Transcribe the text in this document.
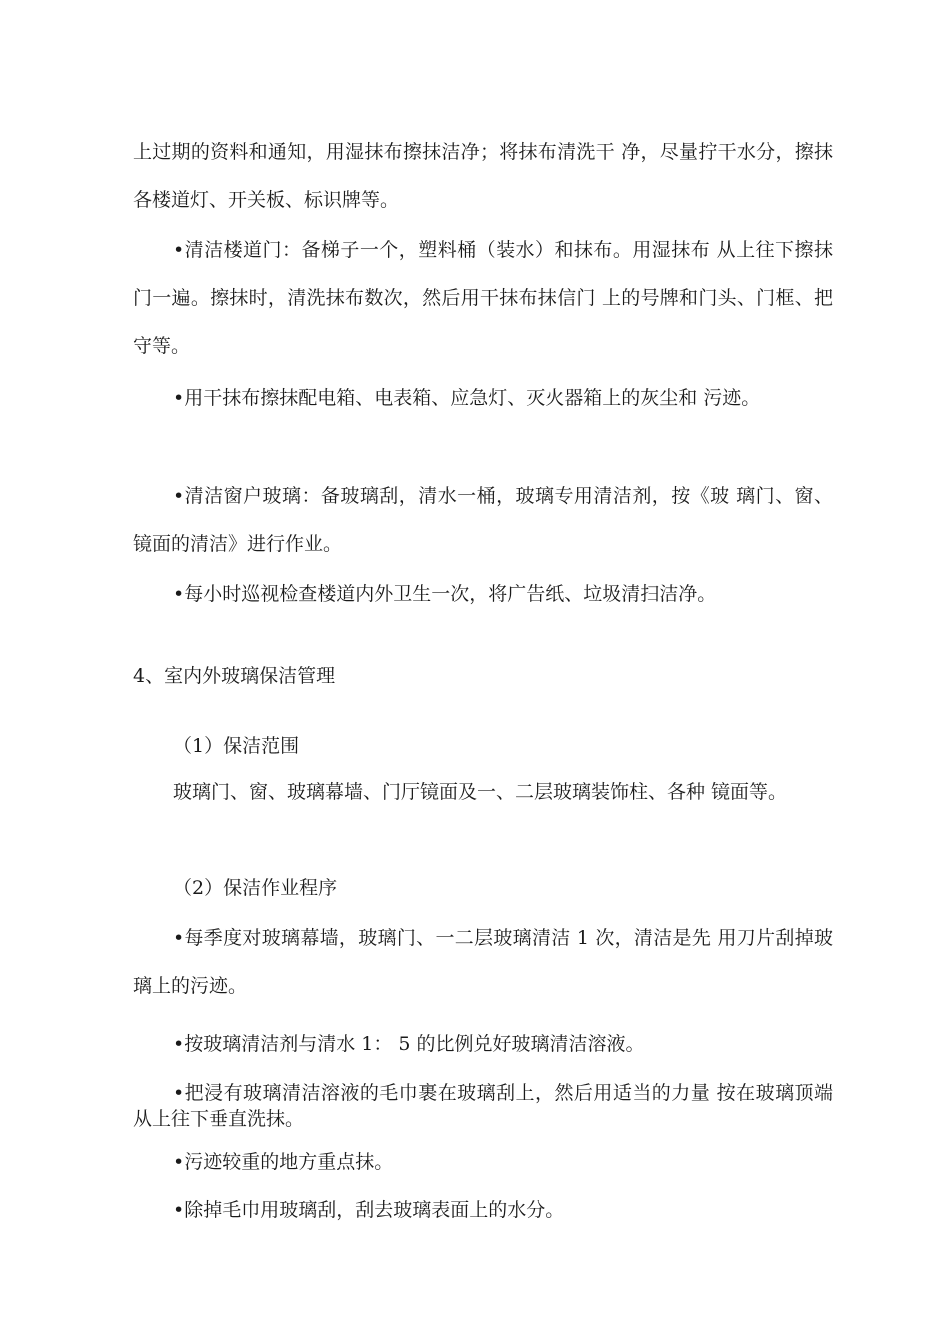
上过期的资料和通知，用湿抹布擦抹洁净；将抹布清洗干 净，尽量拧干水分，擦抹各楼道灯、开关板、标识牌等。

•清洁楼道门：备梯子一个，塑料桶（装水）和抹布。用湿抹布 从上往下擦抹门一遍。擦抹时，清洗抹布数次，然后用干抹布抹信门 上的号牌和门头、门框、把守等。

•用干抹布擦抹配电箱、电表箱、应急灯、灭火器箱上的灰尘和 污迹。

•清洁窗户玻璃：备玻璃刮，清水一桶，玻璃专用清洁剂，按《玻 璃门、窗、镜面的清洁》进行作业。

•每小时巡视检查楼道内外卫生一次，将广告纸、垃圾清扫洁净。

4、室内外玻璃保洁管理

（1）保洁范围

玻璃门、窗、玻璃幕墙、门厅镜面及一、二层玻璃装饰柱、各种 镜面等。

（2）保洁作业程序

•每季度对玻璃幕墙，玻璃门、一二层玻璃清洁 1 次，清洁是先 用刀片刮掉玻璃上的污迹。

•按玻璃清洁剂与清水 1： 5 的比例兑好玻璃清洁溶液。

•把浸有玻璃清洁溶液的毛巾裹在玻璃刮上，然后用适当的力量 按在玻璃顶端从上往下垂直洗抹。

•污迹较重的地方重点抹。

•除掉毛巾用玻璃刮，刮去玻璃表面上的水分。
